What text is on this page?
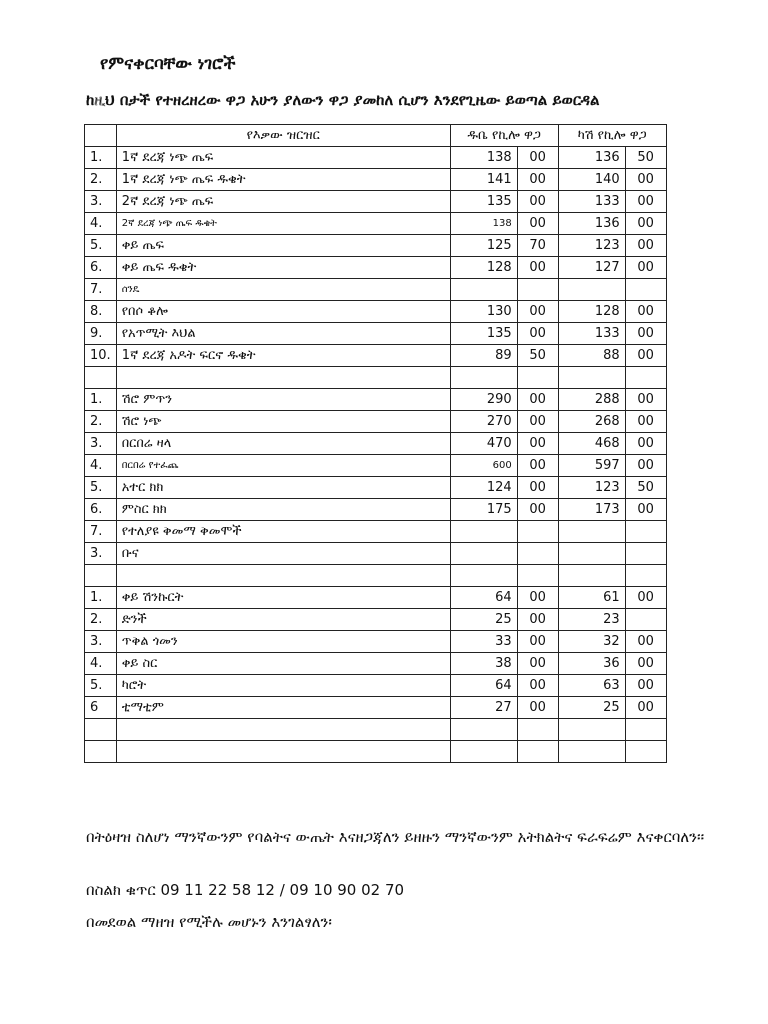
የምናቀርባቸው ነገሮች
ከዚህ በታች የተዘረዘረው ዋጋ አሁን ያለውን ዋጋ ያመከለ ሲሆን እንደየጊዜው ይወጣል ይወርዳል
	የእቃው ዝርዝር	ዱቤ የኪሎ ዋጋ		ካሽ የኪሎ ዋጋ	
1.	1ኛ ደረጃ ነጭ ጤፍ	138	00	136	50
2.	1ኛ ደረጃ ነጭ ጤፍ ዱቄት	141	00	140	00
3.	2ኛ ደረጃ ነጭ ጤፍ	135	00	133	00
4.	2ኛ ደረጃ ነጭ ጤፍ ዱቄት	138	00	136	00
5.	ቀይ ጤፍ	125	70	123	00
6.	ቀይ ጤፍ ዱቄት	128	00	127	00
7.	ሰንዴ				
8.	የበሶ ቆሎ	130	00	128	00
9.	የአጥሚት እህል	135	00	133	00
10.	1ኛ ደረጃ አዶት ፍርኖ ዱቄት	89	50	88	00

1.	ሽሮ ምጥን	290	00	288	00
2.	ሽሮ ነጭ	270	00	268	00
3.	በርበሬ ዛላ	470	00	468	00
4.	በርበሬ የተፈጨ	600	00	597	00
5.	አተር ክክ	124	00	123	50
6.	ምስር ክክ	175	00	173	00
7.	የተለያዩ ቅመማ ቅመሞች				
3.	ቡና				

1.	ቀይ ሽንኩርት	64	00	61	00
2.	ድንች	25	00	23	
3.	ጥቅል ጎመን	33	00	32	00
4.	ቀይ ስር	38	00	36	00
5.	ካሮት	64	00	63	00
6	ቲማቲም	27	00	25	00

በትዕዛዝ ስለሆነ ማንኛውንም የባልትና ውጤት እናዘጋጃለን ይዘዙን ማንኛውንም አትክልትና ፍራፍሬም እናቀርባለን፡፡
በስልክ ቁጥር 09 11 22 58 12 / 09 10 90 02 70
በመደወል ማዘዝ የሚችሉ መሆኑን እንገልፃለን፡
